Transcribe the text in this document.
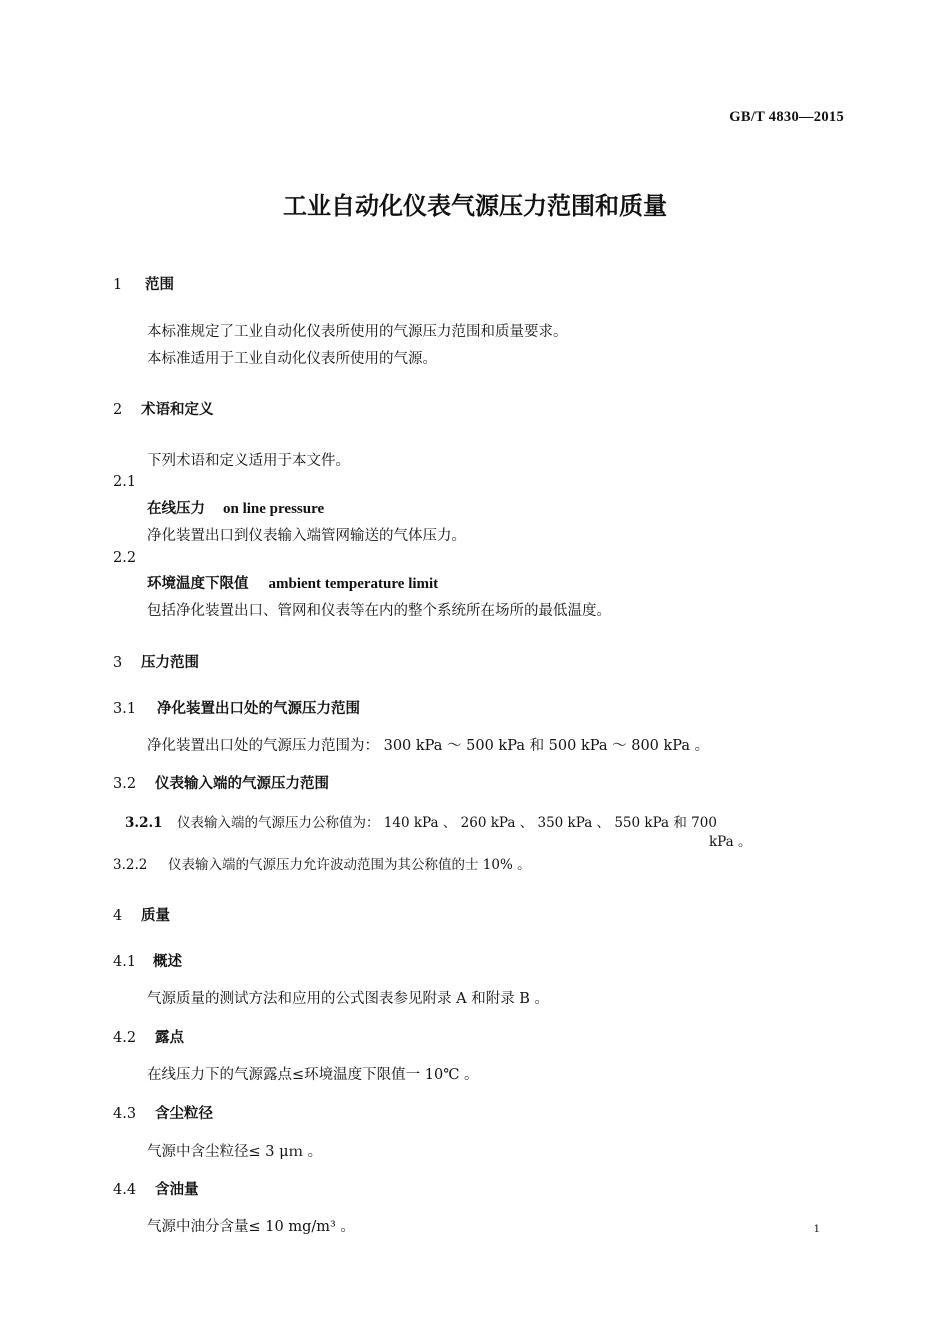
GB/T 4830—2015
工业自动化仪表气源压力范围和质量
1 范围
本标准规定了工业自动化仪表所使用的气源压力范围和质量要求。
本标准适用于工业自动化仪表所使用的气源。
2 术语和定义
下列术语和定义适用于本文件。
2.1
在线压力 on line pressure
净化装置出口到仪表输入端管网输送的气体压力。
2.2
环境温度下限值 ambient temperature limit
包括净化装置出口、管网和仪表等在内的整个系统所在场所的最低温度。
3 压力范围
3.1 净化装置出口处的气源压力范围
净化装置出口处的气源压力范围为： 300 kPa ～ 500 kPa 和 500 kPa ～ 800 kPa 。
3.2 仪表输入端的气源压力范围
3.2.1 仪表输入端的气源压力公称值为： 140 kPa 、 260 kPa 、 350 kPa 、 550 kPa 和 700
kPa 。
3.2.2 仪表输入端的气源压力允许波动范围为其公称值的士 10% 。
4 质量
4.1 概述
气源质量的测试方法和应用的公式图表参见附录 A 和附录 B 。
4.2 露点
在线压力下的气源露点≤环境温度下限值一 10℃ 。
4.3 含尘粒径
气源中含尘粒径≤ 3 μｍ 。
4.4 含油量
气源中油分含量≤ 10 mg/m³ 。	1
